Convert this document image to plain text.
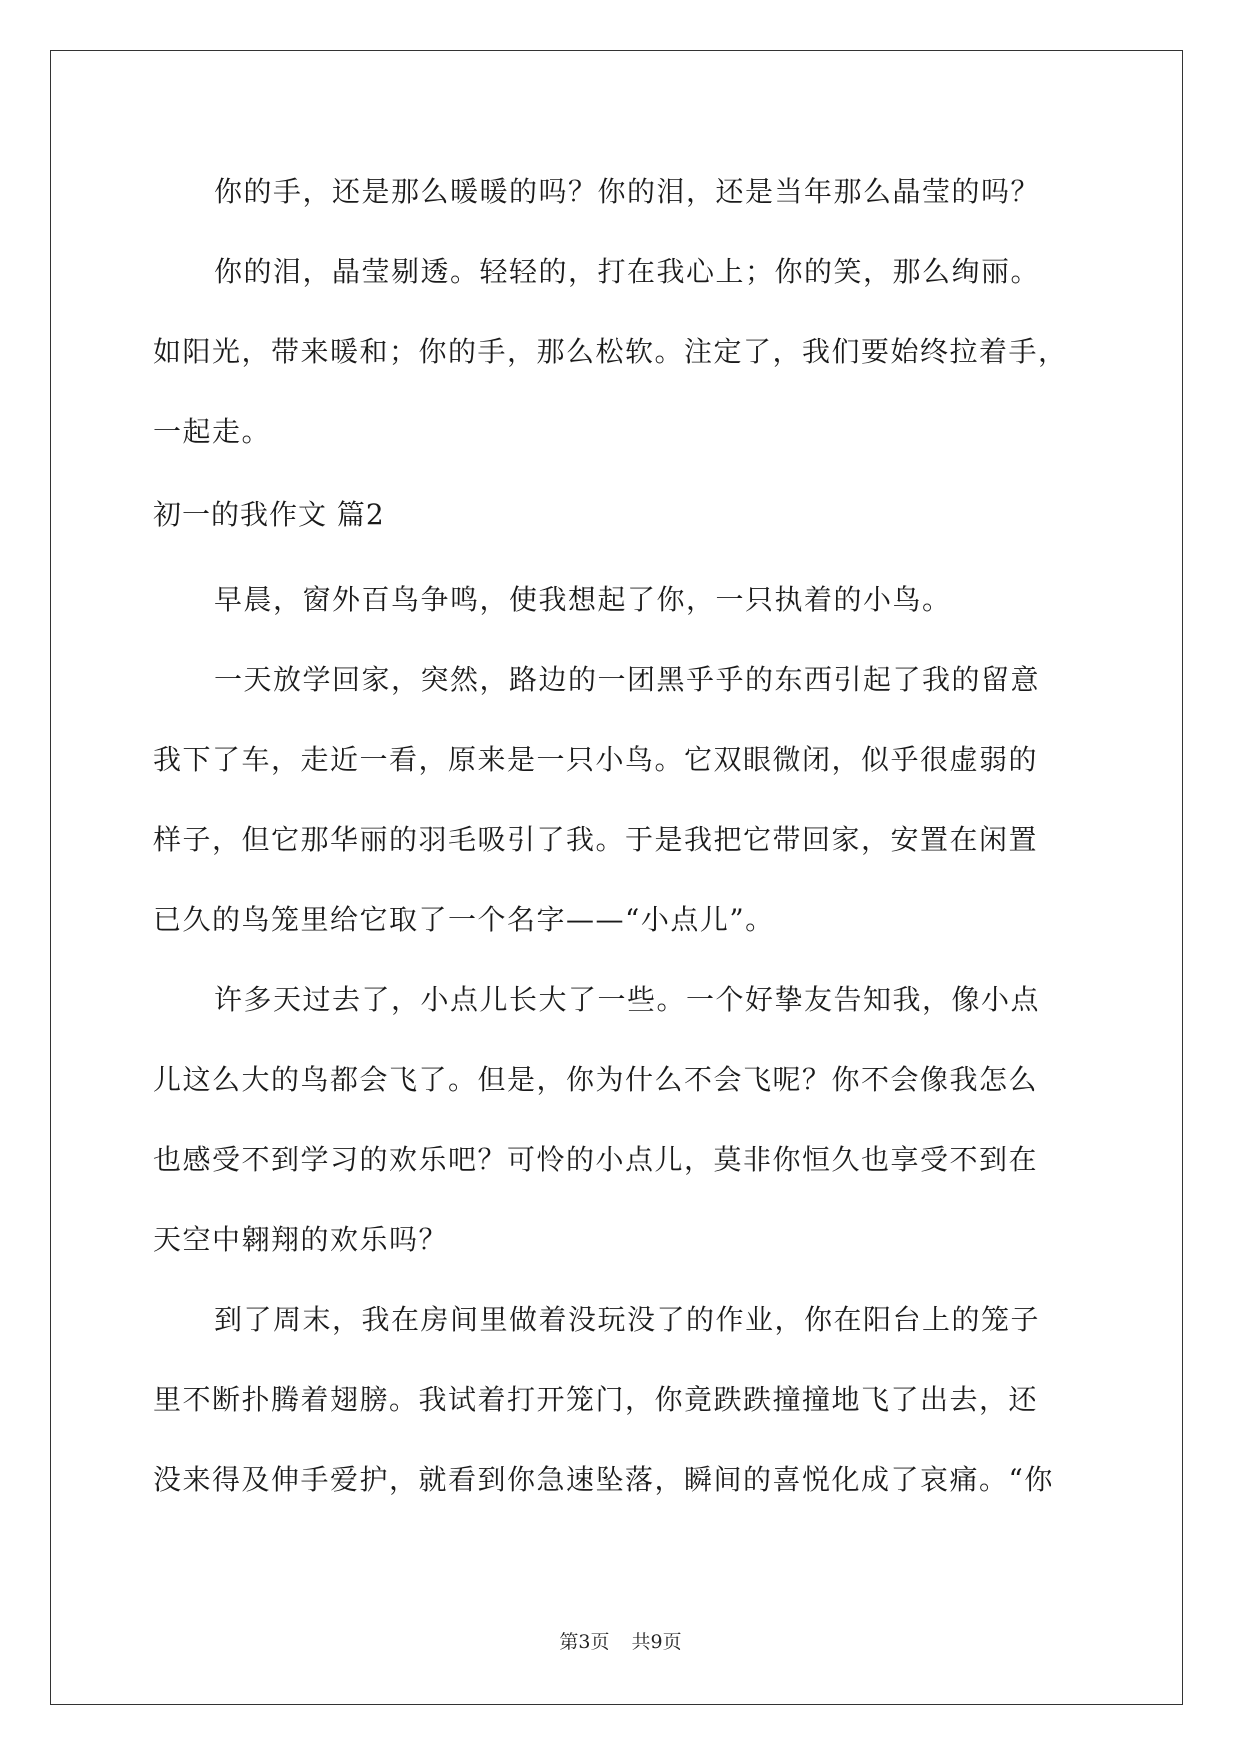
你的手，还是那么暖暖的吗？你的泪，还是当年那么晶莹的吗？
你的泪，晶莹剔透。轻轻的，打在我心上；你的笑，那么绚丽。
如阳光，带来暖和；你的手，那么松软。注定了，我们要始终拉着手，
一起走。
初一的我作文 篇2
早晨，窗外百鸟争鸣，使我想起了你，一只执着的小鸟。
一天放学回家，突然，路边的一团黑乎乎的东西引起了我的留意
我下了车，走近一看，原来是一只小鸟。它双眼微闭，似乎很虚弱的
样子，但它那华丽的羽毛吸引了我。于是我把它带回家，安置在闲置
已久的鸟笼里给它取了一个名字——“小点儿”。
许多天过去了，小点儿长大了一些。一个好挚友告知我，像小点
儿这么大的鸟都会飞了。但是，你为什么不会飞呢？你不会像我怎么
也感受不到学习的欢乐吧？可怜的小点儿，莫非你恒久也享受不到在
天空中翱翔的欢乐吗？
到了周末，我在房间里做着没玩没了的作业，你在阳台上的笼子
里不断扑腾着翅膀。我试着打开笼门，你竟跌跌撞撞地飞了出去，还
没来得及伸手爱护，就看到你急速坠落，瞬间的喜悦化成了哀痛。“你
第3页 共9页
